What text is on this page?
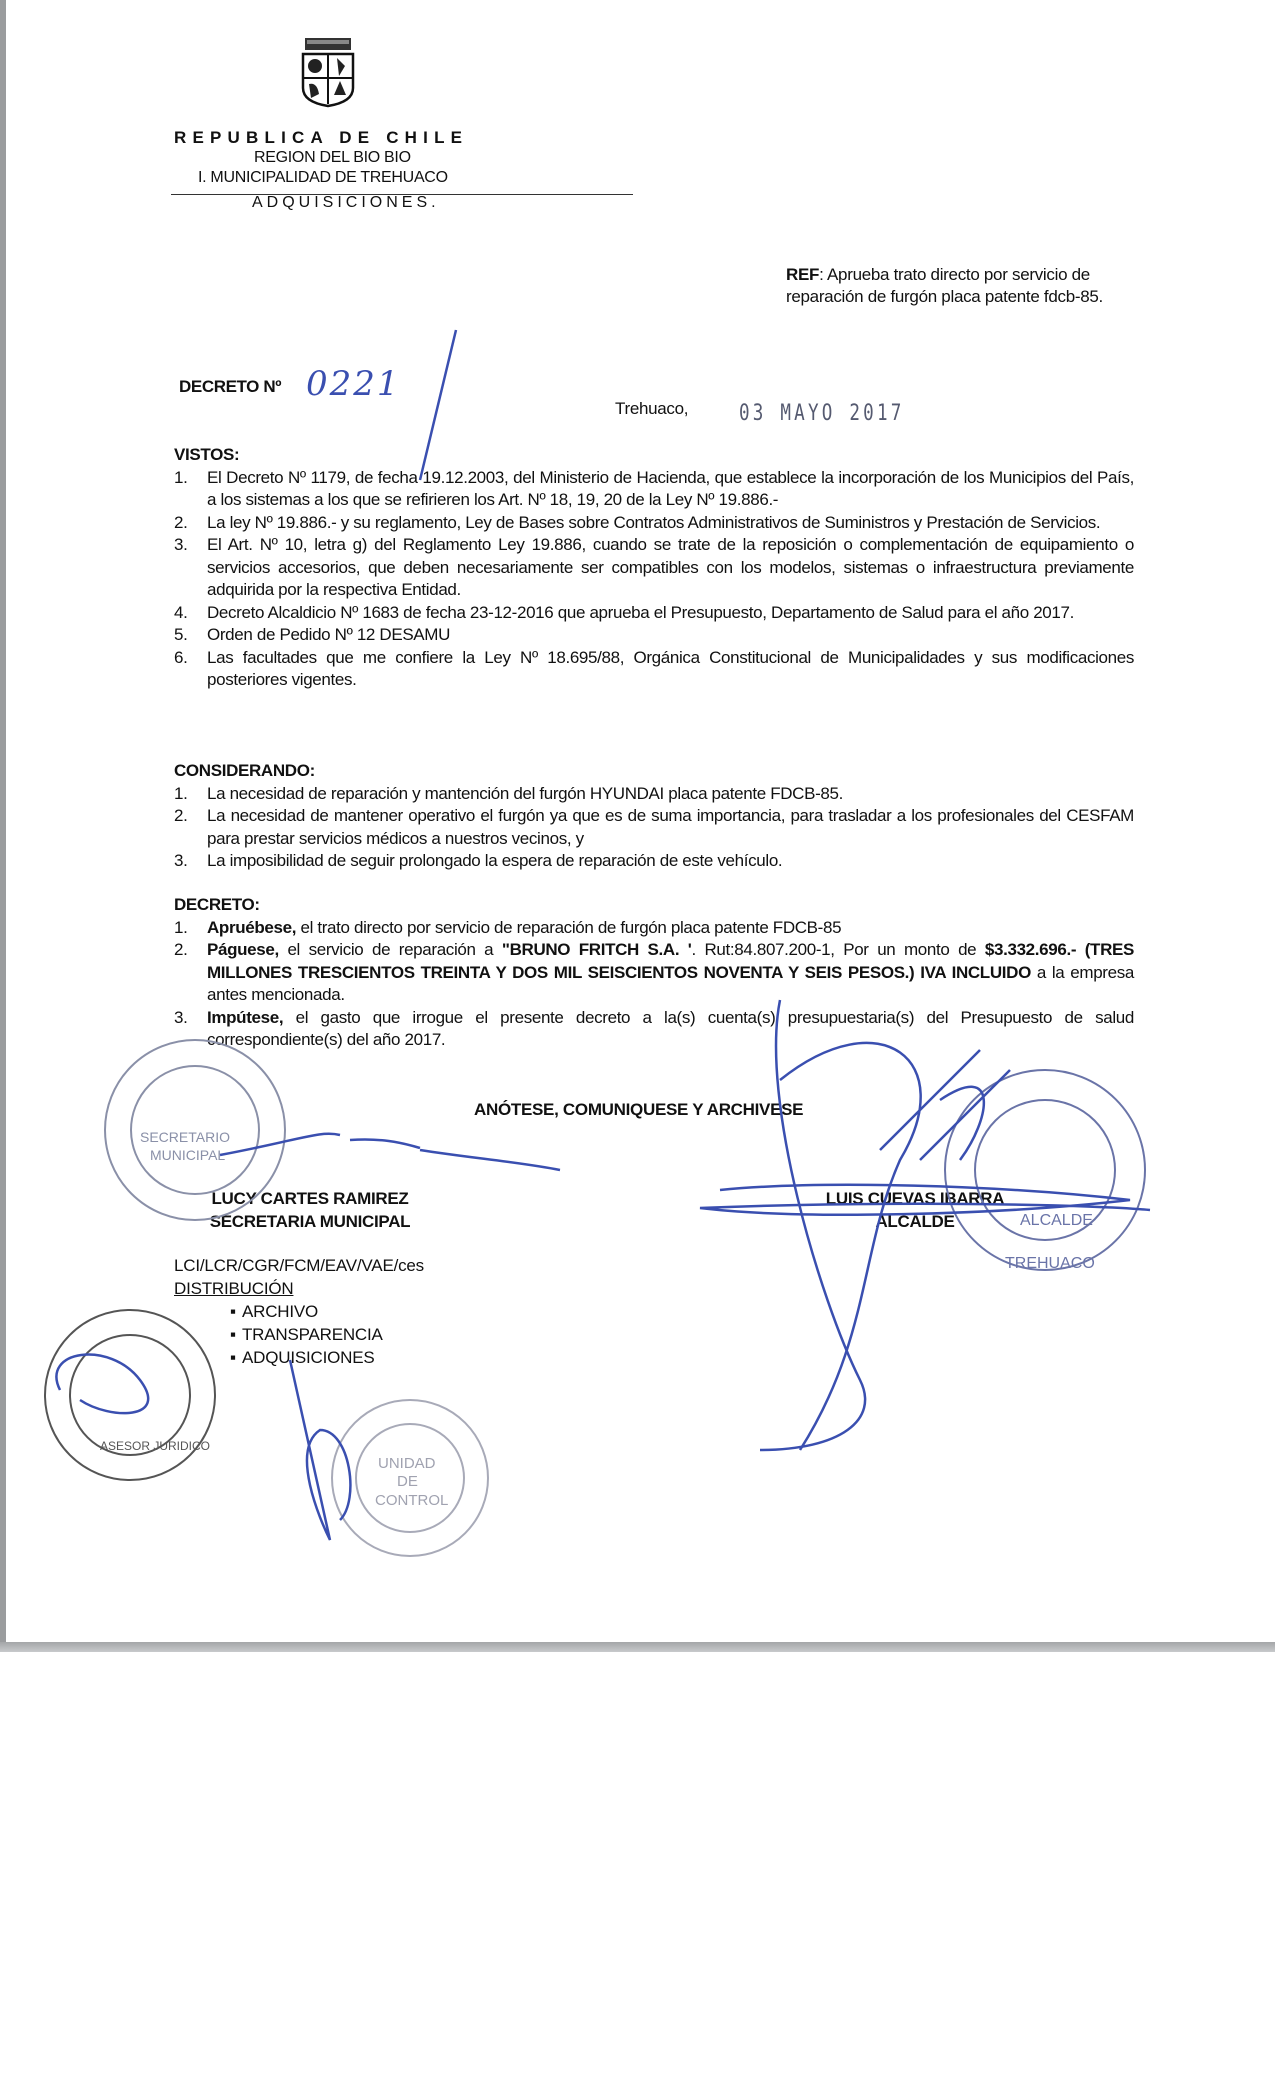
REPUBLICA DE CHILE
REGION DEL BIO BIO
I. MUNICIPALIDAD DE TREHUACO
ADQUISICIONES.
REF: Aprueba trato directo por servicio de reparación de furgón placa patente fdcb-85.
DECRETO Nº 0221
Trehuaco, 03 MAYO 2017

VISTOS:

1. El Decreto Nº 1179, de fecha 19.12.2003, del Ministerio de Hacienda, que establece la incorporación de los Municipios del País, a los sistemas a los que se refirieren los Art. Nº 18, 19, 20 de la Ley Nº 19.886.-
2. La ley Nº 19.886.- y su reglamento, Ley de Bases sobre Contratos Administrativos de Suministros y Prestación de Servicios.
3. El Art. Nº 10, letra g) del Reglamento Ley 19.886, cuando se trate de la reposición o complementación de equipamiento o servicios accesorios, que deben necesariamente ser compatibles con los modelos, sistemas o infraestructura previamente adquirida por la respectiva Entidad.
4. Decreto Alcaldicio Nº 1683 de fecha 23-12-2016 que aprueba el Presupuesto, Departamento de Salud para el año 2017.
5. Orden de Pedido Nº 12 DESAMU
6. Las facultades que me confiere la Ley Nº 18.695/88, Orgánica Constitucional de Municipalidades y sus modificaciones posteriores vigentes.

CONSIDERANDO:

1. La necesidad de reparación y mantención del furgón HYUNDAI placa patente FDCB-85.
2. La necesidad de mantener operativo el furgón ya que es de suma importancia, para trasladar a los profesionales del CESFAM para prestar servicios médicos a nuestros vecinos, y
3. La imposibilidad de seguir prolongado la espera de reparación de este vehículo.

DECRETO:

1. Apruébese, el trato directo por servicio de reparación de furgón placa patente FDCB-85
2. Páguese, el servicio de reparación a "BRUNO FRITCH S.A. '. Rut:84.807.200-1, Por un monto de $3.332.696.- (TRES MILLONES TRESCIENTOS TREINTA Y DOS MIL SEISCIENTOS NOVENTA Y SEIS PESOS.) IVA INCLUIDO a la empresa antes mencionada.
3. Impútese, el gasto que irrogue el presente decreto a la(s) cuenta(s) presupuestaria(s) del Presupuesto de salud correspondiente(s) del año 2017.
ANÓTESE, COMUNIQUESE Y ARCHIVESE
LUCY CARTES RAMIREZ
SECRETARIA MUNICIPAL
LUIS CUEVAS IBARRA
ALCALDE
LCI/LCR/CGR/FCM/EAV/VAE/ces
DISTRIBUCIÓN
▪ ARCHIVO
▪ TRANSPARENCIA
▪ ADQUISICIONES
SECRETARIO
MUNICIPAL
ALCALDE
TREHUACO
ASESOR JURIDICO
UNIDAD
DE
CONTROL
